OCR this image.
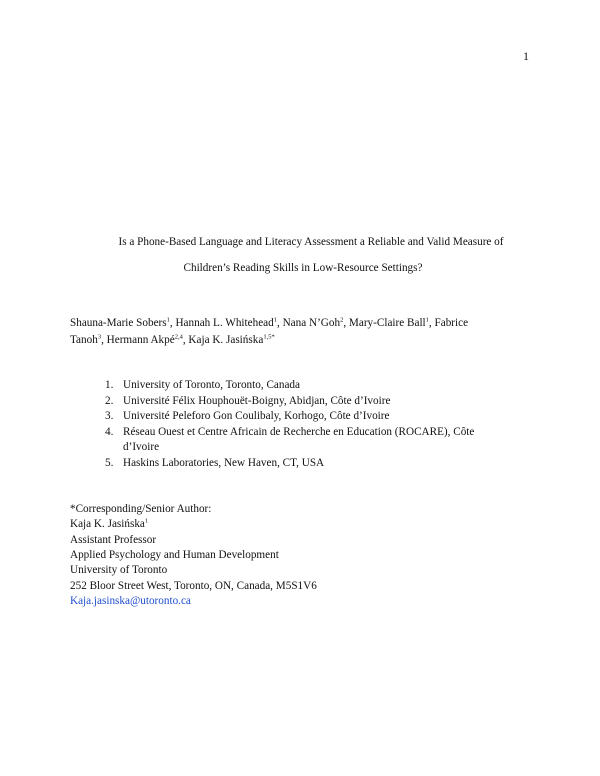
1
Is a Phone-Based Language and Literacy Assessment a Reliable and Valid Measure of
Children’s Reading Skills in Low-Resource Settings?
Shauna-Marie Sobers$^1$, Hannah L. Whitehead$^1$, Nana N’Goh$^2$, Mary-Claire Ball$^1$, Fabrice
Tanoh$^3$, Hermann Akpé$^{2,4}$, Kaja K. Jasińska$^{1,5*}$
1. University of Toronto, Toronto, Canada
2. Université Félix Houphouët-Boigny, Abidjan, Côte d’Ivoire
3. Université Peleforo Gon Coulibaly, Korhogo, Côte d’Ivoire
4. Réseau Ouest et Centre Africain de Recherche en Education (ROCARE), Côte
d’Ivoire
5. Haskins Laboratories, New Haven, CT, USA
*Corresponding/Senior Author:
Kaja K. Jasińska$^1$
Assistant Professor
Applied Psychology and Human Development
University of Toronto
252 Bloor Street West, Toronto, ON, Canada, M5S1V6
Kaja.jasinska@utoronto.ca
